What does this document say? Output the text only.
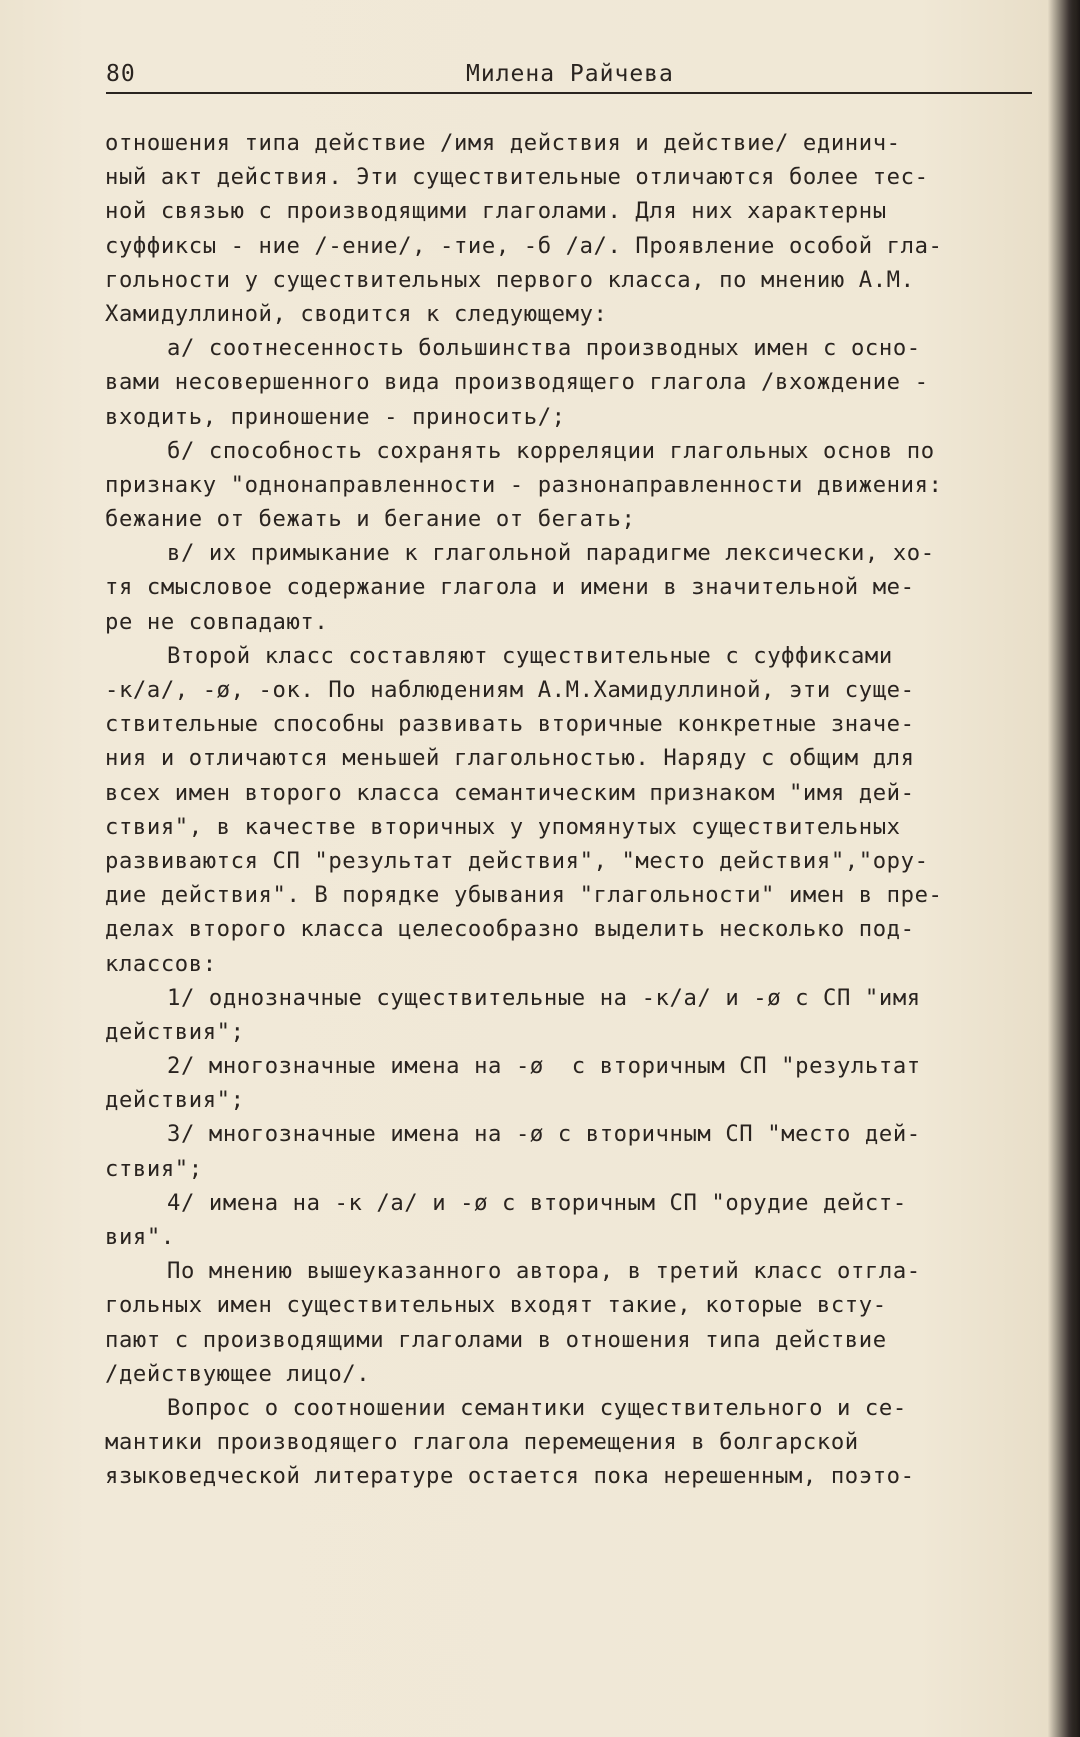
80	Милена Райчева
отношения типа действие /имя действия и действие/ единич-
ный акт действия. Эти существительные отличаются более тес-
ной связью с производящими глаголами. Для них характерны
суффиксы - ние /-ение/, -тие, -б /а/. Проявление особой гла-
гольности у существительных первого класса, по мнению А.М.
Хамидуллиной, сводится к следующему:
а/ соотнесенность большинства производных имен с осно-
вами несовершенного вида производящего глагола /вхождение -
входить, приношение - приносить/;
б/ способность сохранять корреляции глагольных основ по
признаку "однонаправленности - разнонаправленности движения:
бежание от бежать и бегание от бегать;
в/ их примыкание к глагольной парадигме лексически, хо-
тя смысловое содержание глагола и имени в значительной ме-
ре не совпадают.
Второй класс составляют существительные с суффиксами
-к/а/, -ø, -ок. По наблюдениям А.М.Хамидуллиной, эти суще-
ствительные способны развивать вторичные конкретные значе-
ния и отличаются меньшей глагольностью. Наряду с общим для
всех имен второго класса семантическим признаком "имя дей-
ствия", в качестве вторичных у упомянутых существительных
развиваются СП "результат действия", "место действия","ору-
дие действия". В порядке убывания "глагольности" имен в пре-
делах второго класса целесообразно выделить несколько под-
классов:
1/ однозначные существительные на -к/а/ и -ø с СП "имя
действия";
2/ многозначные имена на -ø  с вторичным СП "результат
действия";
3/ многозначные имена на -ø с вторичным СП "место дей-
ствия";
4/ имена на -к /а/ и -ø с вторичным СП "орудие дейст-
вия".
По мнению вышеуказанного автора, в третий класс отгла-
гольных имен существительных входят такие, которые всту-
пают с производящими глаголами в отношения типа действие
/действующее лицо/.
Вопрос о соотношении семантики существительного и се-
мантики производящего глагола перемещения в болгарской
языковедческой литературе остается пока нерешенным, поэто-
